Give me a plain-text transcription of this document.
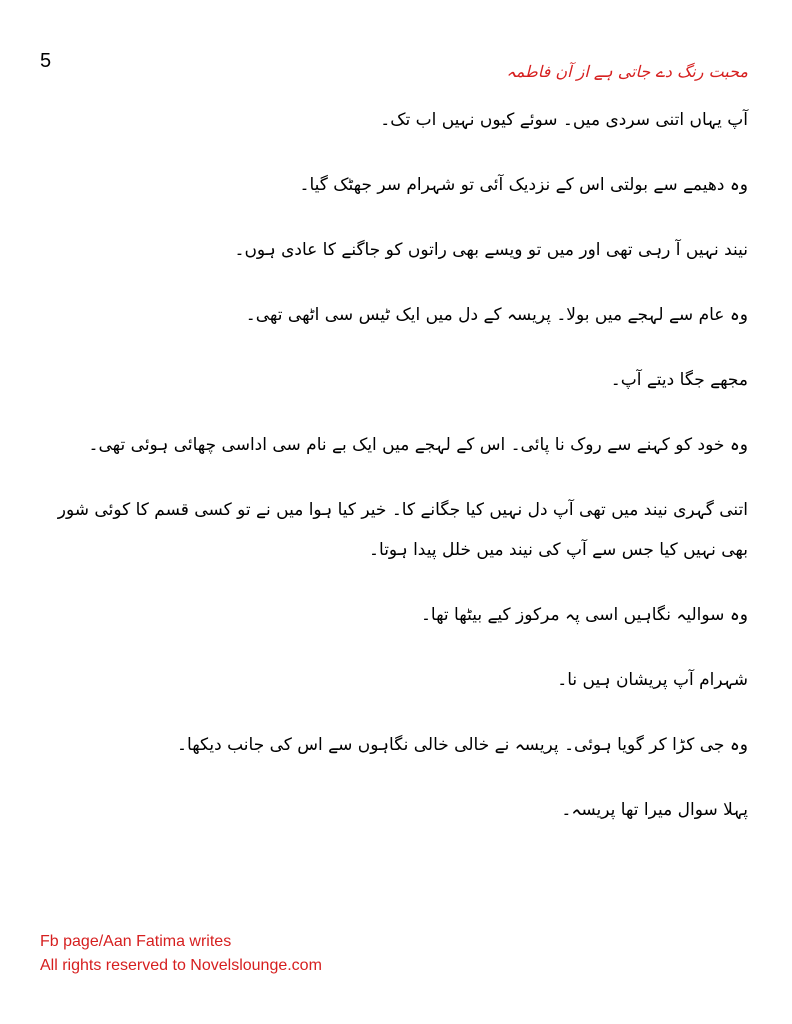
5	محبت رنگ دے جاتی ہے از آن فاطمہ

آپ یہاں اتنی سردی میں۔ سوئے کیوں نہیں اب تک۔

وہ دھیمے سے بولتی اس کے نزدیک آئی تو شہرام سر جھٹک گیا۔

نیند نہیں آ رہی تھی اور میں تو ویسے بھی راتوں کو جاگنے کا عادی ہوں۔

وہ عام سے لہجے میں بولا۔ پریسہ کے دل میں ایک ٹیس سی اٹھی تھی۔

مجھے جگا دیتے آپ۔

وہ خود کو کہنے سے روک نا پائی۔ اس کے لہجے میں ایک بے نام سی اداسی چھائی ہوئی تھی۔

اتنی گہری نیند میں تھی آپ دل نہیں کیا جگانے کا۔ خیر کیا ہوا میں نے تو کسی قسم کا کوئی شور بھی نہیں کیا جس سے آپ کی نیند میں خلل پیدا ہوتا۔

وہ سوالیہ نگاہیں اسی پہ مرکوز کیے بیٹھا تھا۔

شہرام آپ پریشان ہیں نا۔

وہ جی کڑا کر گویا ہوئی۔ پریسہ نے خالی خالی نگاہوں سے اس کی جانب دیکھا۔

پہلا سوال میرا تھا پریسہ۔

Fb page/Aan Fatima writes
All rights reserved to Novelslounge.com
